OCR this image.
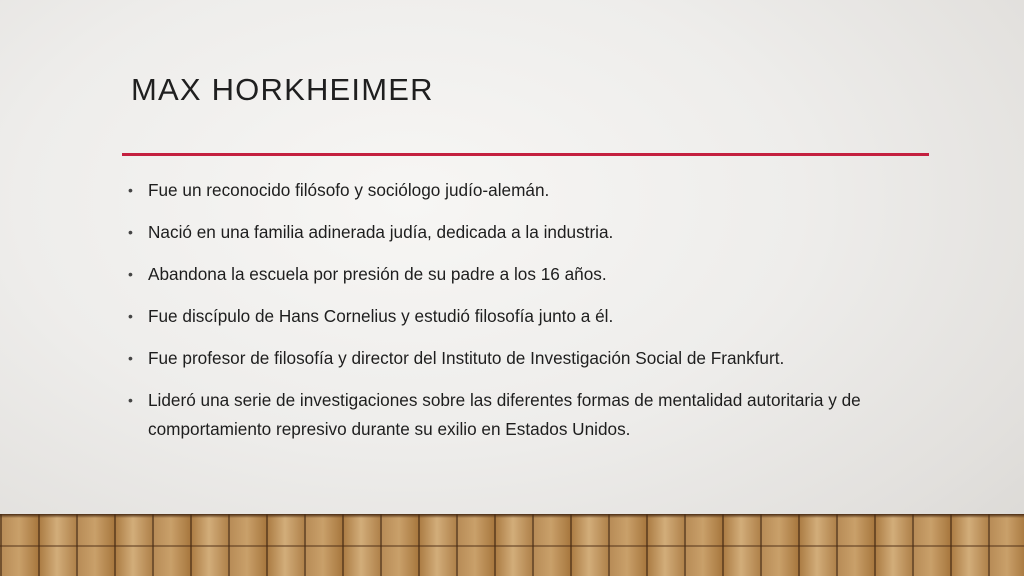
MAX HORKHEIMER
• Fue un reconocido filósofo y sociólogo judío-alemán.
• Nació en una familia adinerada judía, dedicada a la industria.
• Abandona la escuela por presión de su padre a los 16 años.
• Fue discípulo de Hans Cornelius y estudió filosofía junto a él.
• Fue profesor de filosofía y director del Instituto de Investigación Social de Frankfurt.
• Lideró una serie de investigaciones sobre las diferentes formas de mentalidad autoritaria y de comportamiento represivo durante su exilio en Estados Unidos.
